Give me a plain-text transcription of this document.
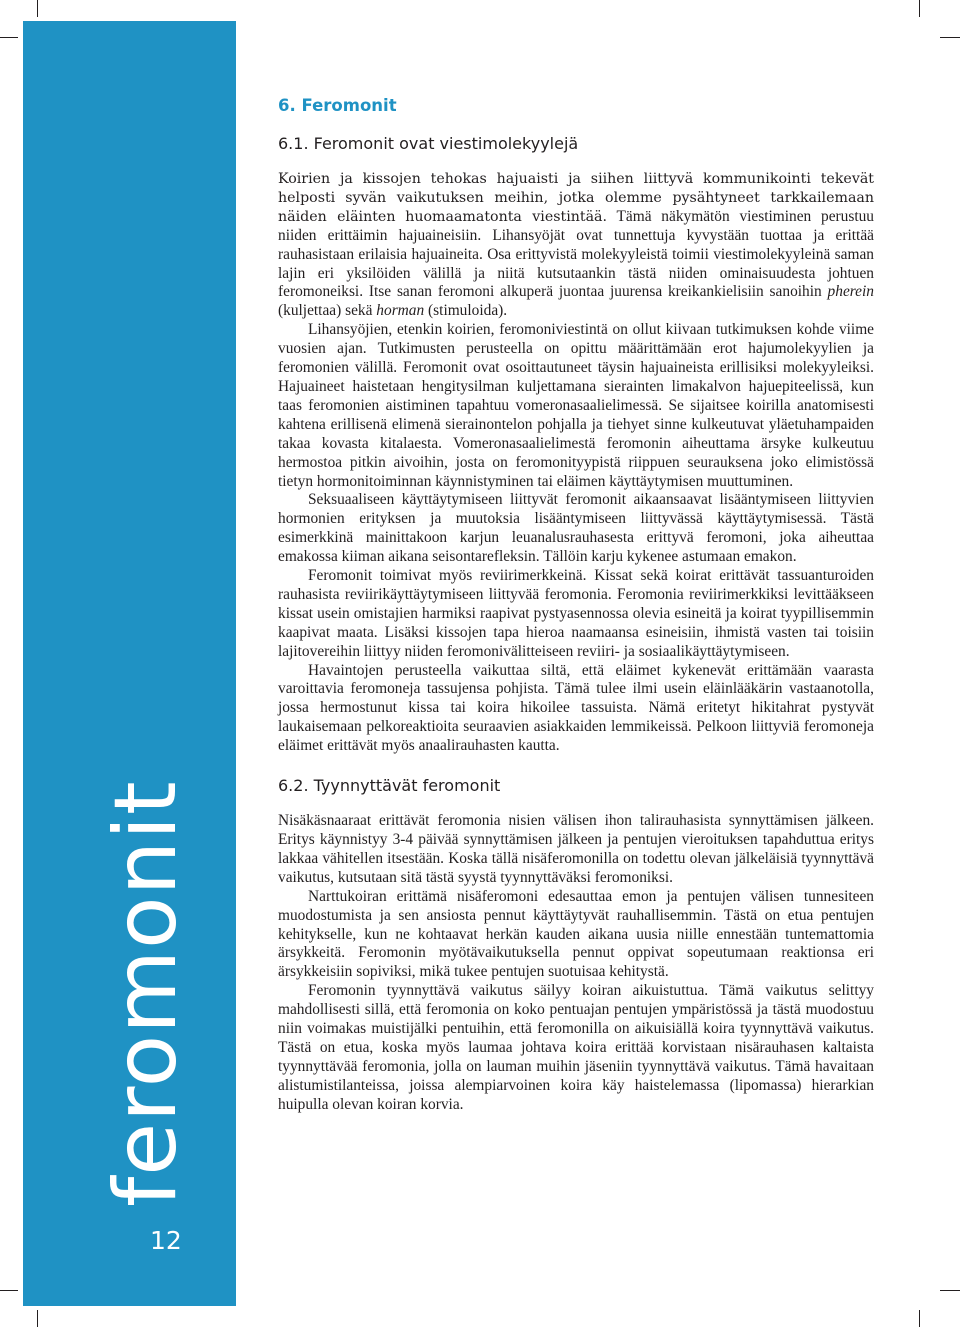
feromonit
12
6. Feromonit
6.1. Feromonit ovat viestimolekyylejä

Koirien ja kissojen tehokas hajuaisti ja siihen liittyvä kommunikointi tekevät helposti syvän vaikutuksen meihin, jotka olemme pysähtyneet tarkkailemaan näiden eläinten huomaamatonta viestintää. Tämä näkymätön viestiminen perustuu niiden erittäimin hajuaineisiin. Lihansyöjät ovat tunnettuja kyvystään tuottaa ja erittää rauhasistaan erilaisia hajuaineita. Osa erittyvistä molekyyleistä toimii viestimolekyyleinä saman lajin eri yksilöiden välillä ja niitä kutsutaankin tästä niiden ominaisuudesta johtuen feromoneiksi. Itse sanan feromoni alkuperä juontaa juurensa kreikankielisiin sanoihin pherein (kuljettaa) sekä horman (stimuloida).

Lihansyöjien, etenkin koirien, feromoniviestintä on ollut kiivaan tutkimuksen kohde viime vuosien ajan. Tutkimusten perusteella on opittu määrittämään erot hajumolekyylien ja feromonien välillä. Feromonit ovat osoittautuneet täysin hajuaineista erillisiksi molekyyleiksi. Hajuaineet haistetaan hengitysilman kuljettamana sierainten limakalvon hajuepiteelissä, kun taas feromonien aistiminen tapahtuu vomeronasaalielimessä. Se sijaitsee koirilla anatomisesti kahtena erillisenä elimenä sierainontelon pohjalla ja tiehyet sinne kulkeutuvat yläetuhampaiden takaa kovasta kitalaesta. Vomeronasaalielimestä feromonin aiheuttama ärsyke kulkeutuu hermostoa pitkin aivoihin, josta on feromonityypistä riippuen seurauksena joko elimistössä tietyn hormonitoiminnan käynnistyminen tai eläimen käyttäytymisen muuttuminen.

Seksuaaliseen käyttäytymiseen liittyvät feromonit aikaansaavat lisääntymiseen liittyvien hormonien erityksen ja muutoksia lisääntymiseen liittyvässä käyttäytymisessä. Tästä esimerkkinä mainittakoon karjun leuanalusrauhasesta erittyvä feromoni, joka aiheuttaa emakossa kiiman aikana seisontarefleksin. Tällöin karju kykenee astumaan emakon.

Feromonit toimivat myös reviirimerkkeinä. Kissat sekä koirat erittävät tassuanturoiden rauhasista reviirikäyttäytymiseen liittyvää feromonia. Feromonia reviirimerkkiksi levittääkseen kissat usein omistajien harmiksi raapivat pystyasennossa olevia esineitä ja koirat tyypillisemmin kaapivat maata. Lisäksi kissojen tapa hieroa naamaansa esineisiin, ihmistä vasten tai toisiin lajitovereihin liittyy niiden feromonivälitteiseen reviiri- ja sosiaalikäyttäytymiseen.

Havaintojen perusteella vaikuttaa siltä, että eläimet kykenevät erittämään vaarasta varoittavia feromoneja tassujensa pohjista. Tämä tulee ilmi usein eläinlääkärin vastaanotolla, jossa hermostunut kissa tai koira hikoilee tassuista. Nämä eritetyt hikitahrat pystyvät laukaisemaan pelkoreaktioita seuraavien asiakkaiden lemmikeissä. Pelkoon liittyviä feromoneja eläimet erittävät myös anaalirauhasten kautta.

6.2. Tyynnyttävät feromonit

Nisäkäsnaaraat erittävät feromonia nisien välisen ihon talirauhasista synnyttämisen jälkeen. Eritys käynnistyy 3-4 päivää synnyttämisen jälkeen ja pentujen vieroituksen tapahduttua eritys lakkaa vähitellen itsestään. Koska tällä nisäferomonilla on todettu olevan jälkeläisiä tyynnyttävä vaikutus, kutsutaan sitä tästä syystä tyynnyttäväksi feromoniksi.

Narttukoiran erittämä nisäferomoni edesauttaa emon ja pentujen välisen tunnesiteen muodostumista ja sen ansiosta pennut käyttäytyvät rauhallisemmin. Tästä on etua pentujen kehitykselle, kun ne kohtaavat herkän kauden aikana uusia niille ennestään tuntemattomia ärsykkeitä. Feromonin myötävaikutuksella pennut oppivat sopeutumaan reaktionsa eri ärsykkeisiin sopiviksi, mikä tukee pentujen suotuisaa kehitystä.

Feromonin tyynnyttävä vaikutus säilyy koiran aikuistuttua. Tämä vaikutus selittyy mahdollisesti sillä, että feromonia on koko pentuajan pentujen ympäristössä ja tästä muodostuu niin voimakas muistijälki pentuihin, että feromonilla on aikuisiällä koira tyynnyttävä vaikutus. Tästä on etua, koska myös laumaa johtava koira erittää korvistaan nisärauhasen kaltaista tyynnyttävää feromonia, jolla on lauman muihin jäseniin tyynnyttävä vaikutus. Tämä havaitaan alistumistilanteissa, joissa alempiarvoinen koira käy haistelemassa (lipomassa) hierarkian huipulla olevan koiran korvia.
